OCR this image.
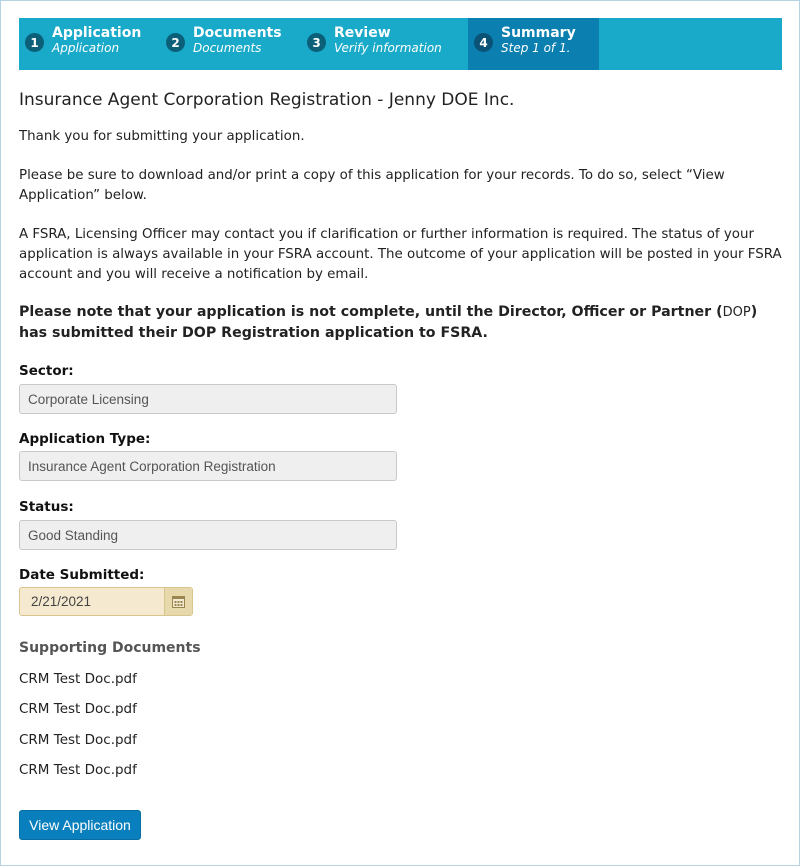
1
Application
Application	2
Documents
Documents	3
Review
Verify information	4
Summary
Step 1 of 1.
Insurance Agent Corporation Registration - Jenny DOE Inc.

Thank you for submitting your application.

Please be sure to download and/or print a copy of this application for your records. To do so, select “View Application” below.

A FSRA, Licensing Officer may contact you if clarification or further information is required. The status of your application is always available in your FSRA account. The outcome of your application will be posted in your FSRA account and you will receive a notification by email.

Please note that your application is not complete, until the Director, Officer or Partner (DOP) has submitted their DOP Registration application to FSRA.

Sector:
Corporate Licensing
Application Type:
Insurance Agent Corporation Registration
Status:
Good Standing
Date Submitted:
2/21/2021
Supporting Documents
CRM Test Doc.pdf
CRM Test Doc.pdf
CRM Test Doc.pdf
CRM Test Doc.pdf
View Application
